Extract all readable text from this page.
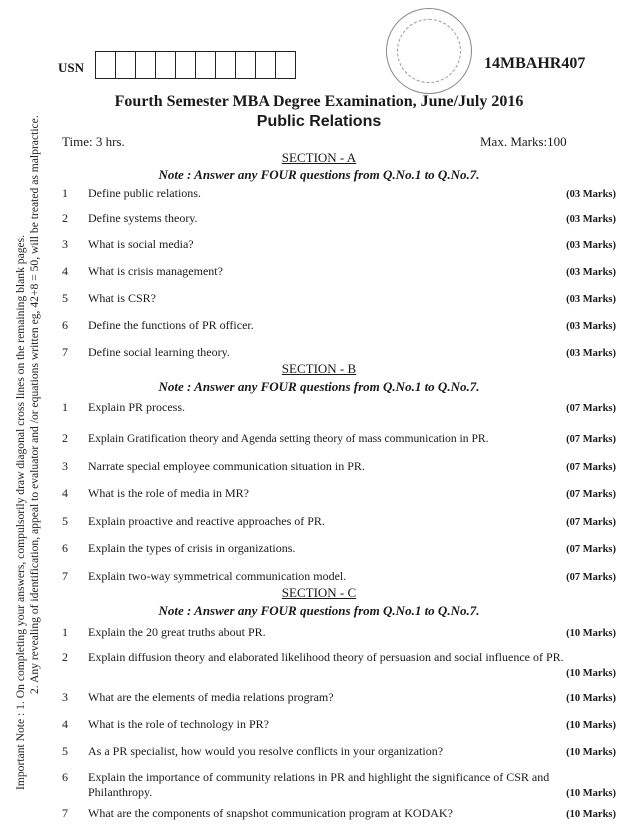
Important Note : 1. On completing your answers, compulsorily draw diagonal cross lines on the remaining blank pages. 2. Any revealing of identification, appeal to evaluator and /or equations written eg, 42+8 = 50, will be treated as malpractice.
USN	14MBAHR407
Fourth Semester MBA Degree Examination, June/July 2016
Public Relations
Time: 3 hrs.	Max. Marks:100
SECTION - A
Note : Answer any FOUR questions from Q.No.1 to Q.No.7.
1 Define public relations.	(03 Marks)
2 Define systems theory.	(03 Marks)
3 What is social media?	(03 Marks)
4 What is crisis management?	(03 Marks)
5 What is CSR?	(03 Marks)
6 Define the functions of PR officer.	(03 Marks)
7 Define social learning theory.	(03 Marks)
SECTION - B
Note : Answer any FOUR questions from Q.No.1 to Q.No.7.
1 Explain PR process.	(07 Marks)
2 Explain Gratification theory and Agenda setting theory of mass communication in PR.	(07 Marks)
3 Narrate special employee communication situation in PR.	(07 Marks)
4 What is the role of media in MR?	(07 Marks)
5 Explain proactive and reactive approaches of PR.	(07 Marks)
6 Explain the types of crisis in organizations.	(07 Marks)
7 Explain two-way symmetrical communication model.	(07 Marks)
SECTION - C
Note : Answer any FOUR questions from Q.No.1 to Q.No.7.
1 Explain the 20 great truths about PR.	(10 Marks)
2 Explain diffusion theory and elaborated likelihood theory of persuasion and social influence of PR.
(10 Marks)
3 What are the elements of media relations program?	(10 Marks)
4 What is the role of technology in PR?	(10 Marks)
5 As a PR specialist, how would you resolve conflicts in your organization?	(10 Marks)
6 Explain the importance of community relations in PR and highlight the significance of CSR and Philanthropy.	(10 Marks)
7 What are the components of snapshot communication program at KODAK?	(10 Marks)
